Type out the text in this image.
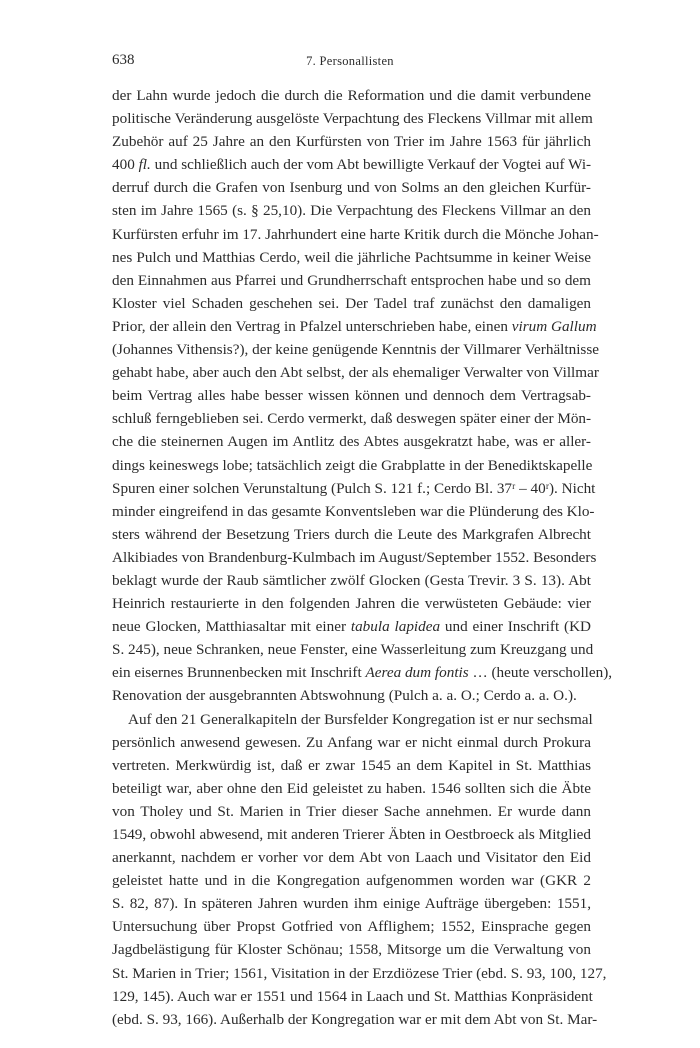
638	7. Personallisten
der Lahn wurde jedoch die durch die Reformation und die damit verbundene
politische Veränderung ausgelöste Verpachtung des Fleckens Villmar mit allem
Zubehör auf 25 Jahre an den Kurfürsten von Trier im Jahre 1563 für jährlich
400 fl. und schließlich auch der vom Abt bewilligte Verkauf der Vogtei auf Wi-
derruf durch die Grafen von Isenburg und von Solms an den gleichen Kurfür-
sten im Jahre 1565 (s. § 25,10). Die Verpachtung des Fleckens Villmar an den
Kurfürsten erfuhr im 17. Jahrhundert eine harte Kritik durch die Mönche Johan-
nes Pulch und Matthias Cerdo, weil die jährliche Pachtsumme in keiner Weise
den Einnahmen aus Pfarrei und Grundherrschaft entsprochen habe und so dem
Kloster viel Schaden geschehen sei. Der Tadel traf zunächst den damaligen
Prior, der allein den Vertrag in Pfalzel unterschrieben habe, einen virum Gallum
(Johannes Vithensis?), der keine genügende Kenntnis der Villmarer Verhältnisse
gehabt habe, aber auch den Abt selbst, der als ehemaliger Verwalter von Villmar
beim Vertrag alles habe besser wissen können und dennoch dem Vertragsab-
schluß ferngeblieben sei. Cerdo vermerkt, daß deswegen später einer der Mön-
che die steinernen Augen im Antlitz des Abtes ausgekratzt habe, was er aller-
dings keineswegs lobe; tatsächlich zeigt die Grabplatte in der Benediktskapelle
Spuren einer solchen Verunstaltung (Pulch S. 121 f.; Cerdo Bl. 37ʳ – 40ʳ). Nicht
minder eingreifend in das gesamte Konventsleben war die Plünderung des Klo-
sters während der Besetzung Triers durch die Leute des Markgrafen Albrecht
Alkibiades von Brandenburg-Kulmbach im August/September 1552. Besonders
beklagt wurde der Raub sämtlicher zwölf Glocken (Gesta Trevir. 3 S. 13). Abt
Heinrich restaurierte in den folgenden Jahren die verwüsteten Gebäude: vier
neue Glocken, Matthiasaltar mit einer tabula lapidea und einer Inschrift (KD
S. 245), neue Schranken, neue Fenster, eine Wasserleitung zum Kreuzgang und
ein eisernes Brunnenbecken mit Inschrift Aerea dum fontis … (heute verschollen),
Renovation der ausgebrannten Abtswohnung (Pulch a. a. O.; Cerdo a. a. O.).
Auf den 21 Generalkapiteln der Bursfelder Kongregation ist er nur sechsmal
persönlich anwesend gewesen. Zu Anfang war er nicht einmal durch Prokura
vertreten. Merkwürdig ist, daß er zwar 1545 an dem Kapitel in St. Matthias
beteiligt war, aber ohne den Eid geleistet zu haben. 1546 sollten sich die Äbte
von Tholey und St. Marien in Trier dieser Sache annehmen. Er wurde dann
1549, obwohl abwesend, mit anderen Trierer Äbten in Oestbroeck als Mitglied
anerkannt, nachdem er vorher vor dem Abt von Laach und Visitator den Eid
geleistet hatte und in die Kongregation aufgenommen worden war (GKR 2
S. 82, 87). In späteren Jahren wurden ihm einige Aufträge übergeben: 1551,
Untersuchung über Propst Gotfried von Afflighem; 1552, Einsprache gegen
Jagdbelästigung für Kloster Schönau; 1558, Mitsorge um die Verwaltung von
St. Marien in Trier; 1561, Visitation in der Erzdiözese Trier (ebd. S. 93, 100, 127,
129, 145). Auch war er 1551 und 1564 in Laach und St. Matthias Konpräsident
(ebd. S. 93, 166). Außerhalb der Kongregation war er mit dem Abt von St. Mar-
